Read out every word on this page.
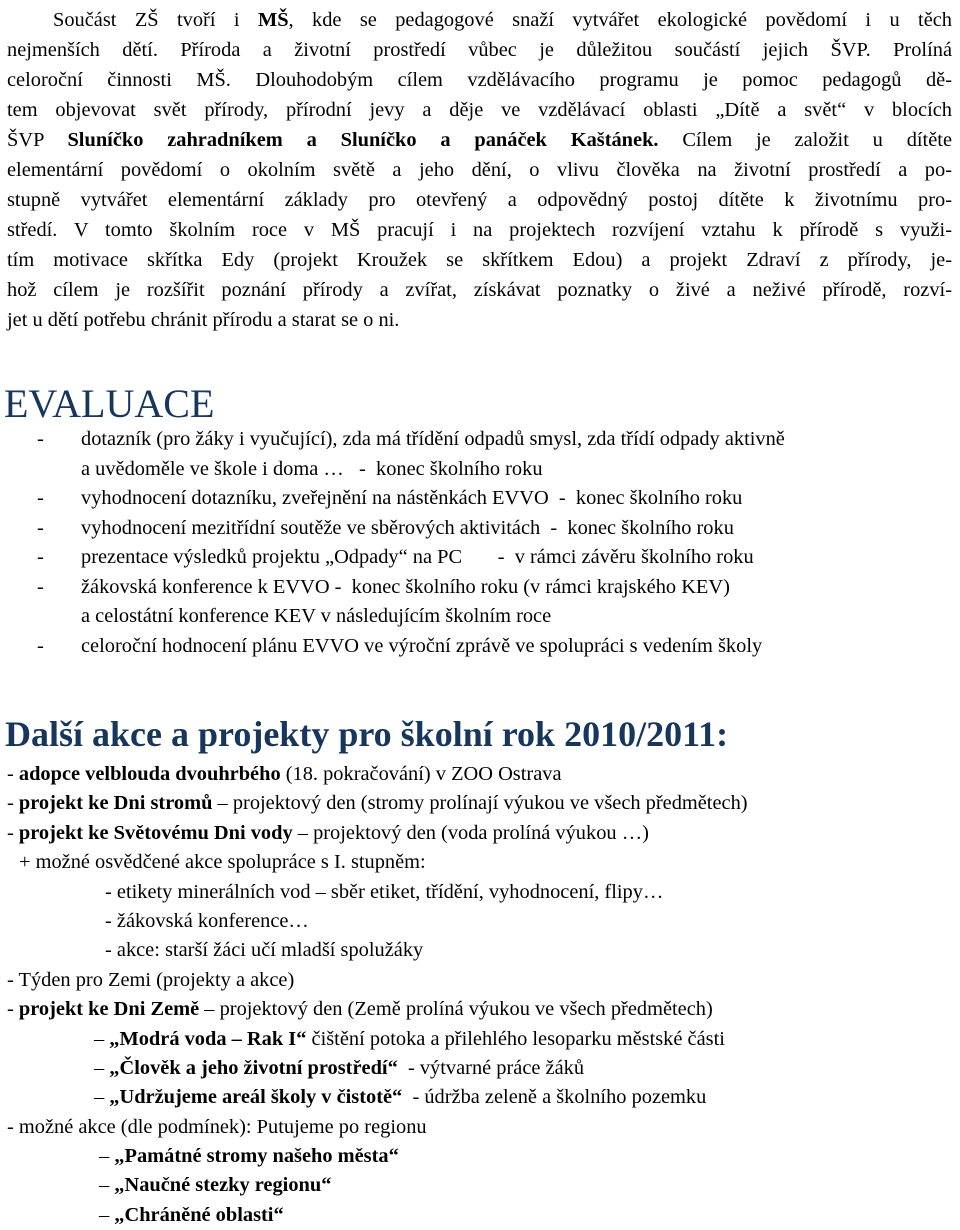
Součást ZŠ tvoří i MŠ, kde se pedagogové snaží vytvářet ekologické povědomí i u těch
nejmenších dětí. Příroda a životní prostředí vůbec je důležitou součástí jejich ŠVP. Prolíná
celoroční činnosti MŠ. Dlouhodobým cílem vzdělávacího programu je pomoc pedagogů dě-
tem objevovat svět přírody, přírodní jevy a děje ve vzdělávací oblasti „Dítě a svět“ v blocích
ŠVP Sluníčko zahradníkem a Sluníčko a panáček Kaštánek. Cílem je založit u dítěte
elementární povědomí o okolním světě a jeho dění, o vlivu člověka na životní prostředí a po-
stupně vytvářet elementární základy pro otevřený a odpovědný postoj dítěte k životnímu pro-
středí. V tomto školním roce v MŠ pracují i na projektech rozvíjení vztahu k přírodě s využi-
tím motivace skřítka Edy (projekt Kroužek se skřítkem Edou) a projekt Zdraví z přírody, je-
hož cílem je rozšířit poznání přírody a zvířat, získávat poznatky o živé a neživé přírodě, rozví-
jet u dětí potřebu chránit přírodu a starat se o ni.
EVALUACE
- dotazník (pro žáky i vyučující), zda má třídění odpadů smysl, zda třídí odpady aktivně
a uvědoměle ve škole i doma …   -  konec školního roku
- vyhodnocení dotazníku, zveřejnění na nástěnkách EVVO  -  konec školního roku
- vyhodnocení mezitřídní soutěže ve sběrových aktivitách  -  konec školního roku
- prezentace výsledků projektu „Odpady“ na PC       -  v rámci závěru školního roku
- žákovská konference k EVVO -  konec školního roku (v rámci krajského KEV)
a celostátní konference KEV v následujícím školním roce
- celoroční hodnocení plánu EVVO ve výroční zprávě ve spolupráci s vedením školy
Další akce a projekty pro školní rok 2010/2011:
- adopce velbloudа dvouhrbého (18. pokračování) v ZOO Ostrava
- projekt ke Dni stromů – projektový den (stromy prolínají výukou ve všech předmětech)
- projekt ke Světovému Dni vody – projektový den (voda prolíná výukou …)
+ možné osvědčené akce spolupráce s I. stupněm:
- etikety minerálních vod – sběr etiket, třídění, vyhodnocení, flipy…
- žákovská konference…
- akce: starší žáci učí mladší spolužáky
- Týden pro Zemi (projekty a akce)
- projekt ke Dni Země – projektový den (Země prolíná výukou ve všech předmětech)
– „Modrá voda – Rak I“ čištění potoka a přilehlého lesoparku městské části
– „Člověk a jeho životní prostředí“  - výtvarné práce žáků
– „Udržujeme areál školy v čistotě“  - údržba zeleně a školního pozemku
- možné akce (dle podmínek): Putujeme po regionu
– „Památné stromy našeho města“
– „Naučné stezky regionu“
– „Chráněné oblasti“
